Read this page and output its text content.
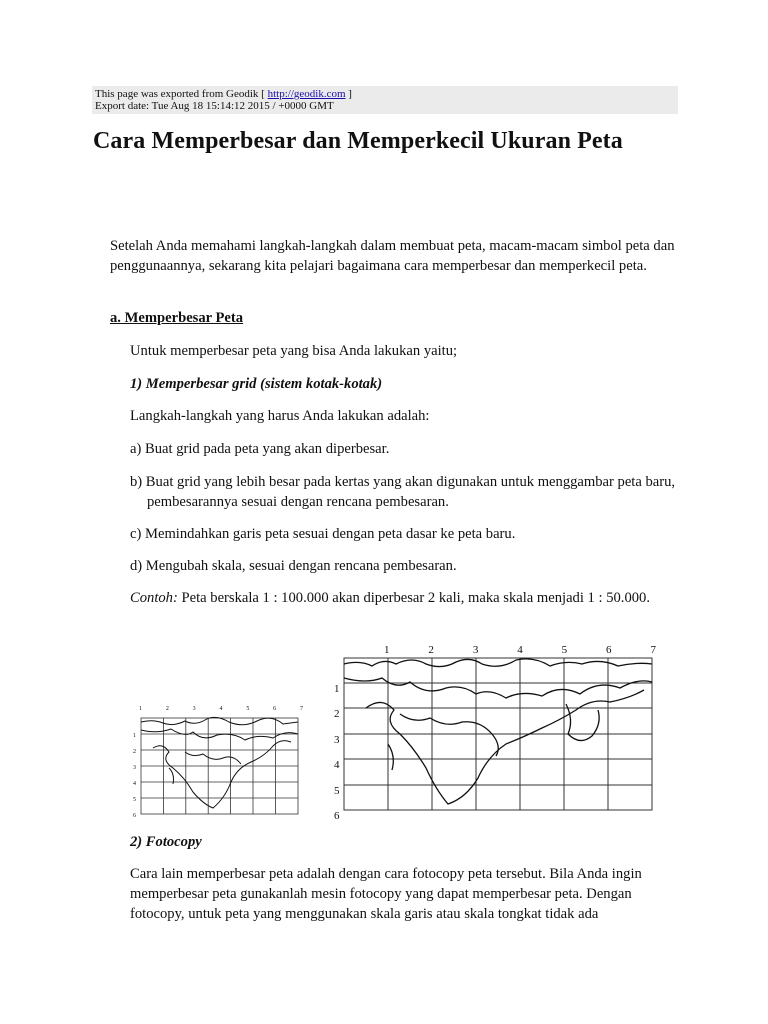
This page was exported from Geodik [ http://geodik.com ]
Export date: Tue Aug 18 15:14:12 2015 / +0000 GMT
Cara Memperbesar dan Memperkecil Ukuran Peta

Setelah Anda memahami langkah-langkah dalam membuat peta, macam-macam simbol peta dan penggunaannya, sekarang kita pelajari bagaimana cara memperbesar dan memperkecil peta.

a. Memperbesar Peta

Untuk memperbesar peta yang bisa Anda lakukan yaitu;

1) Memperbesar grid (sistem kotak-kotak)

Langkah-langkah yang harus Anda lakukan adalah:

a) Buat grid pada peta yang akan diperbesar.

b) Buat grid yang lebih besar pada kertas yang akan digunakan untuk menggambar peta baru, pembesarannya sesuai dengan rencana pembesaran.

c) Memindahkan garis peta sesuai dengan peta dasar ke peta baru.

d) Mengubah skala, sesuai dengan rencana pembesaran.

Contoh: Peta berskala 1 : 100.000 akan diperbesar 2 kali, maka skala menjadi 1 : 50.000.

1	2	3	4	5	6	7
1
2
3
4
5
6
1	2	3	4	5	6	7
1
2
3
4
5
6

2) Fotocopy

Cara lain memperbesar peta adalah dengan cara fotocopy peta tersebut. Bila Anda ingin memperbesar peta gunakanlah mesin fotocopy yang dapat memperbesar peta. Dengan fotocopy, untuk peta yang menggunakan skala garis atau skala tongkat tidak ada
